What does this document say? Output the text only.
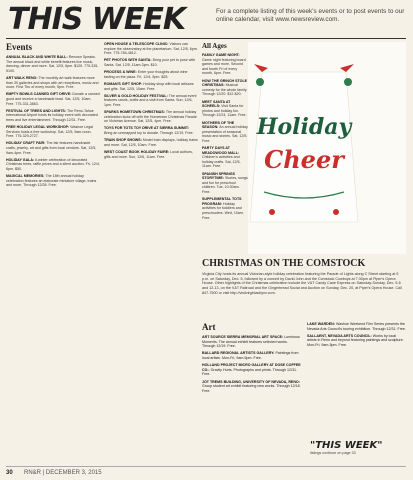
THIS WEEK	For a complete listing of this week's events or to post events to our online calendar, visit www.newsreview.com.
Events
ANNUAL BLACK AND WHITE BALL: Renown Speaks. The annual black and white benefit features live music, dancing, dinner and more. Sat, 12/5, 6pm. $125. 775-335-5100.
ART WALK RENO: The monthly art walk features more than 30 galleries and shops with art receptions, music and more. First Thu of every month, 5pm. Free.
EMPTY BOWLS CANNED GIFT DRIVE: Donate a canned good and receive a handmade bowl. Sat, 12/5, 10am. Free. 775-331-3663.
FESTIVAL OF TREES AND LIGHTS: The Reno-Tahoe International Airport hosts its holiday event with decorated trees and live entertainment. Through 12/31. Free.
FREE HOLIDAY LEGAL WORKSHOP: Washoe Legal Services hosts a free workshop. Sat, 12/5, 9am-noon. Free. 775-329-2727.
HOLIDAY CRAFT FAIR: The fair features handmade crafts, jewelry, art and gifts from local vendors. Sat, 12/5, 9am-4pm. Free.
HOLIDAY GALA: A winter celebration of decorated Christmas trees, raffle prizes and a silent auction. Fri, 12/4, 6pm. $50.
MAGICAL MEMORIES: The 18th annual holiday celebration features an elaborate miniature village, trains and more. Through 12/28. Free.
OPEN HOUSE & TELESCOPE CLINIC: Visitors can explore the observatory at the planetarium. Sat, 12/5, 6pm. Free. 775-784-4812.
PET PHOTOS WITH SANTA: Bring your pet to pose with Santa. Sat, 12/5, 11am-3pm. $10.
PROCESS & WINE: Enter your thoughts about wine tasting on the plaza. Fri, 12/4, 5pm. $25.
ROMAN'S GIFT SHOP: Holiday shop with local artisans and gifts. Sat, 12/5, 10am. Free.
SILVER & GOLD HOLIDAY FESTIVAL: The annual event features carols, crafts and a visit from Santa. Sun, 12/6, 1pm. Free.
SPARKS HOMETOWN CHRISTMAS: The annual holiday celebration kicks off with the Hometown Christmas Parade on Victorian Avenue. Sat, 12/5, 4pm. Free.
TOYS FOR TOTS TOY DRIVE AT SIERRA SUMMIT: Bring an unwrapped toy to donate. Through 12/19. Free.
TRAIN SHOP SHOWS: Model train displays, holiday trains and more. Sat, 12/5, 10am. Free.
WEST COAST BOOK HOLIDAY FAIRE: Local authors, gifts and more. Sun, 12/6, 11am. Free.
Holiday
Cheer
All Ages
FAMILY GAME NIGHT: Game night featuring board games and more. Second and fourth Fri of every month, 6pm. Free.
HOW THE GRINCH STOLE CHRISTMAS: Musical comedy for the whole family. Through 12/20. $12-$20.
MEET SANTA AT SCHEELS: Visit Santa for photos and holiday fun. Through 12/24, 11am. Free.
MOTHERS OF THE SEASON: An annual holiday presentation of seasonal music and stories. Sat, 12/5. Free.
PARTY DAYS AT MEADOWOOD MALL: Children's activities and holiday crafts. Sat, 12/5, 11am. Free.
SPANISH SPRINGS STORYTIME: Stories, songs and fun for preschool children. Tue, 10:30am. Free.
SUPPLEMENTAL TOTS PROGRAM: Holiday activities for toddlers and preschoolers. Wed, 10am. Free.
CHRISTMAS ON THE COMSTOCK
Virginia City hosts its annual Victorian-style holiday celebration featuring the Parade of Lights along C Street starting at 5 p.m. on Saturday, Dec. 5, followed by a concert by David John and the Comstock Cowboys at 7:30pm at Piper's Opera House. Other highlights of the Christmas celebration include the V&T Candy Cane Express on Saturday-Sunday, Dec. 5-6 and 12-13, on the V&T Railroad and the Gingerbread Social and Auction on Sunday, Dec. 20, at Piper's Opera House. Call 847-7500 or visit http://visitvirginiacitynv.com.
Art
ART SOURCE SIERRA MEMORIAL ART SPACE: Luminous Moments. The annual exhibit features selected works. Through 12/19. Free.
BALLARD REGIONAL ARTISTS GALLERY: Paintings from local artists. Mon-Fri, 9am-5pm. Free.
HOLLAND PROJECT MICRO GALLERY AT DOSE COFFEE CO.: Gravity Hurts. Photographs and prints. Through 12/31. Free.
JOT TREMS BUILDING, UNIVERSITY OF NEVADA, RENO: Group student art exhibit featuring new works. Through 12/18. Free.
LAKE WARDEN: Washoe Weekend Film Series presents the Nevada Arts Council's touring exhibition. Through 12/31. Free.
SALLAENT, NEVADA ARTS COUNCIL: Works by local artists in Reno and beyond featuring paintings and sculpture. Mon-Fri, 9am-5pm. Free.
"THIS WEEK"
listings continue on page 33
30 RN&R | DECEMBER 3, 2015
